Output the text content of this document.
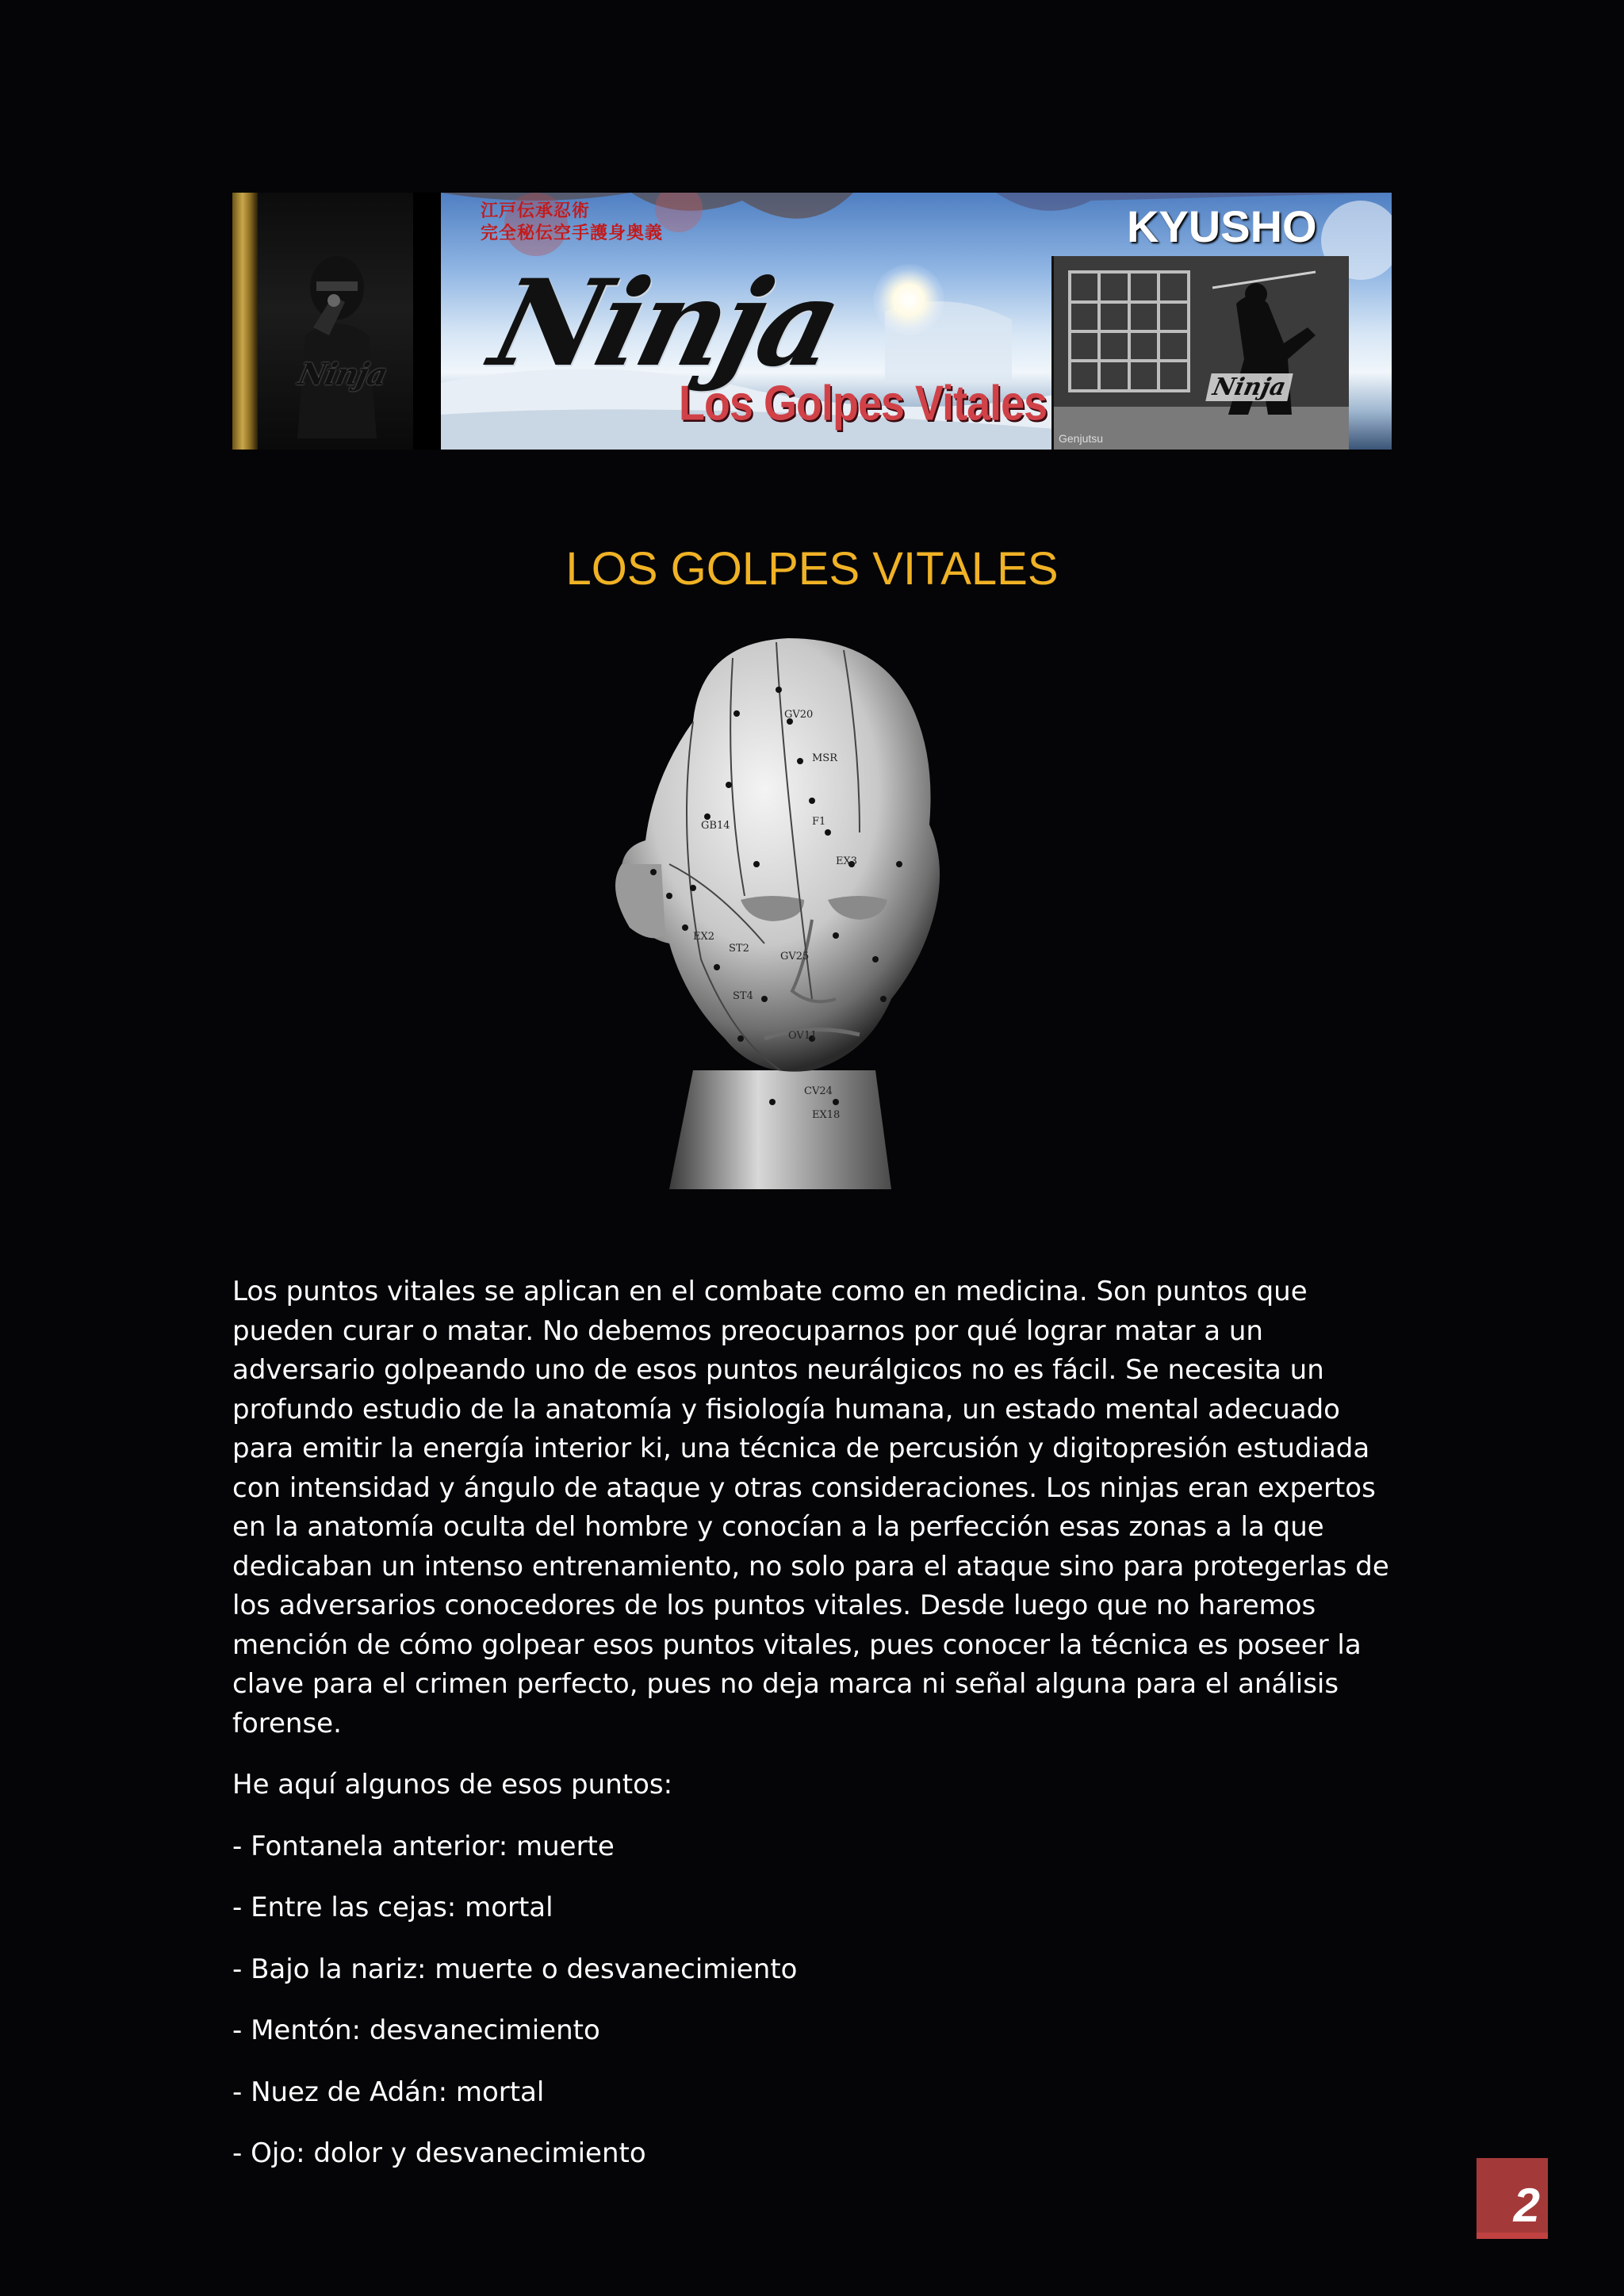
Ninja
江戸伝承忍術
完全秘伝空手護身奥義
Ninja
Los Golpes Vitales
KYUSHO
Ninja
Genjutsu
LOS GOLPES VITALES
GV20
MSR
F1
GB14
EX3
EX2
ST2
GV25
ST4
OV11
CV24
EX18

Los puntos vitales se aplican en el combate como en medicina. Son puntos que pueden curar o matar. No debemos preocuparnos por qué lograr matar a un adversario golpeando uno de esos puntos neurálgicos no es fácil. Se necesita un profundo estudio de la anatomía y fisiología humana, un estado mental adecuado para emitir la energía interior ki, una técnica de percusión y digitopresión estudiada con intensidad y ángulo de ataque y otras consideraciones. Los ninjas eran expertos en la anatomía oculta del hombre y conocían a la perfección esas zonas a la que dedicaban un intenso entrenamiento, no solo para el ataque sino para protegerlas de los adversarios conocedores de los puntos vitales. Desde luego que no haremos mención de cómo golpear esos puntos vitales, pues conocer la técnica es poseer la clave para el crimen perfecto, pues no deja marca ni señal alguna para el análisis forense.

He aquí algunos de esos puntos:

- Fontanela anterior: muerte

- Entre las cejas: mortal

- Bajo la nariz: muerte o desvanecimiento

- Mentón: desvanecimiento

- Nuez de Adán: mortal

- Ojo: dolor y desvanecimiento

2
